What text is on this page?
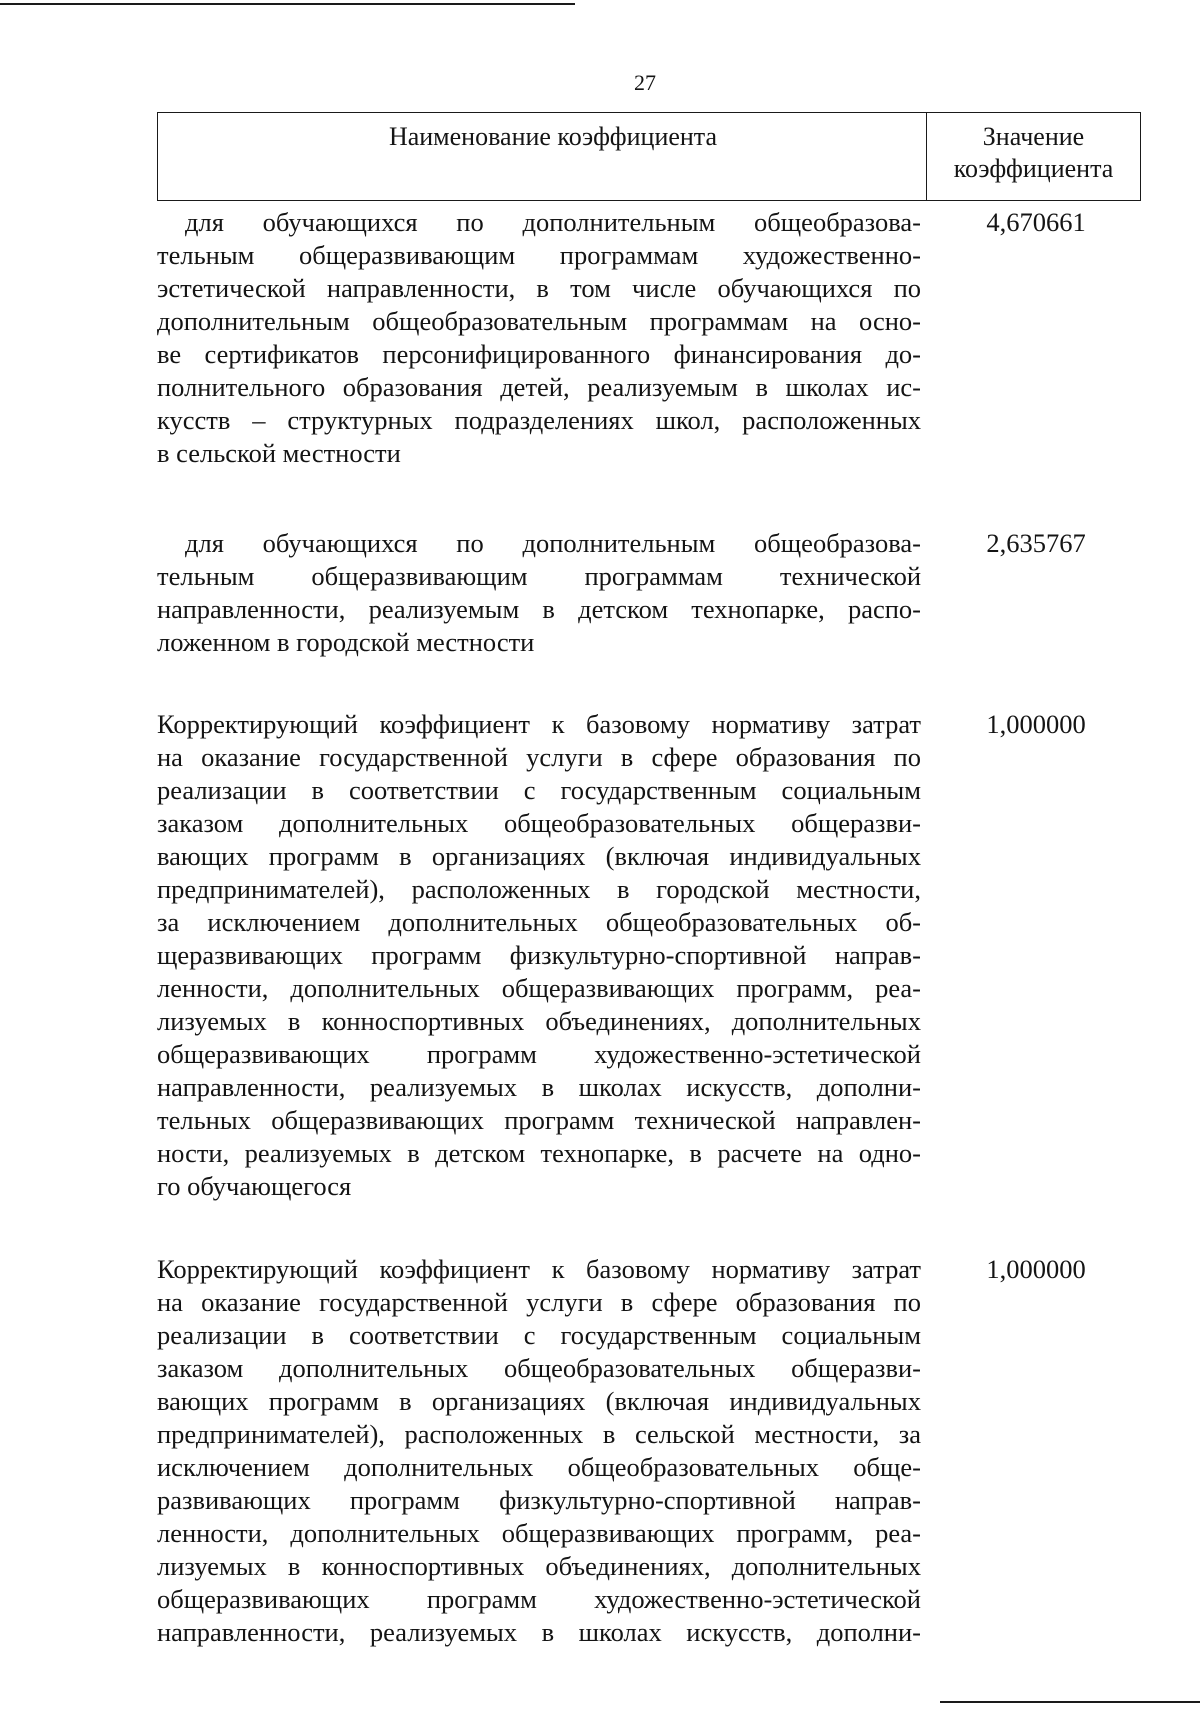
27
Наименование коэффициента	Значение коэффициента
для обучающихся по дополнительным общеобразова-
тельным общеразвивающим программам художественно-
эстетической направленности, в том числе обучающихся по
дополнительным общеобразовательным программам на осно-
ве сертификатов персонифицированного финансирования до-
полнительного образования детей, реализуемым в школах ис-
кусств – структурных подразделениях школ, расположенных
в сельской местности
4,670661
для обучающихся по дополнительным общеобразова-
тельным общеразвивающим программам технической
направленности, реализуемым в детском технопарке, распо-
ложенном в городской местности
2,635767
Корректирующий коэффициент к базовому нормативу затрат
на оказание государственной услуги в сфере образования по
реализации в соответствии с государственным социальным
заказом дополнительных общеобразовательных общеразви-
вающих программ в организациях (включая индивидуальных
предпринимателей), расположенных в городской местности,
за исключением дополнительных общеобразовательных об-
щеразвивающих программ физкультурно-спортивной направ-
ленности, дополнительных общеразвивающих программ, реа-
лизуемых в конноспортивных объединениях, дополнительных
общеразвивающих программ художественно-эстетической
направленности, реализуемых в школах искусств, дополни-
тельных общеразвивающих программ технической направлен-
ности, реализуемых в детском технопарке, в расчете на одно-
го обучающегося
1,000000
Корректирующий коэффициент к базовому нормативу затрат
на оказание государственной услуги в сфере образования по
реализации в соответствии с государственным социальным
заказом дополнительных общеобразовательных общеразви-
вающих программ в организациях (включая индивидуальных
предпринимателей), расположенных в сельской местности, за
исключением дополнительных общеобразовательных обще-
развивающих программ физкультурно-спортивной направ-
ленности, дополнительных общеразвивающих программ, реа-
лизуемых в конноспортивных объединениях, дополнительных
общеразвивающих программ художественно-эстетической
направленности, реализуемых в школах искусств, дополни-
1,000000
